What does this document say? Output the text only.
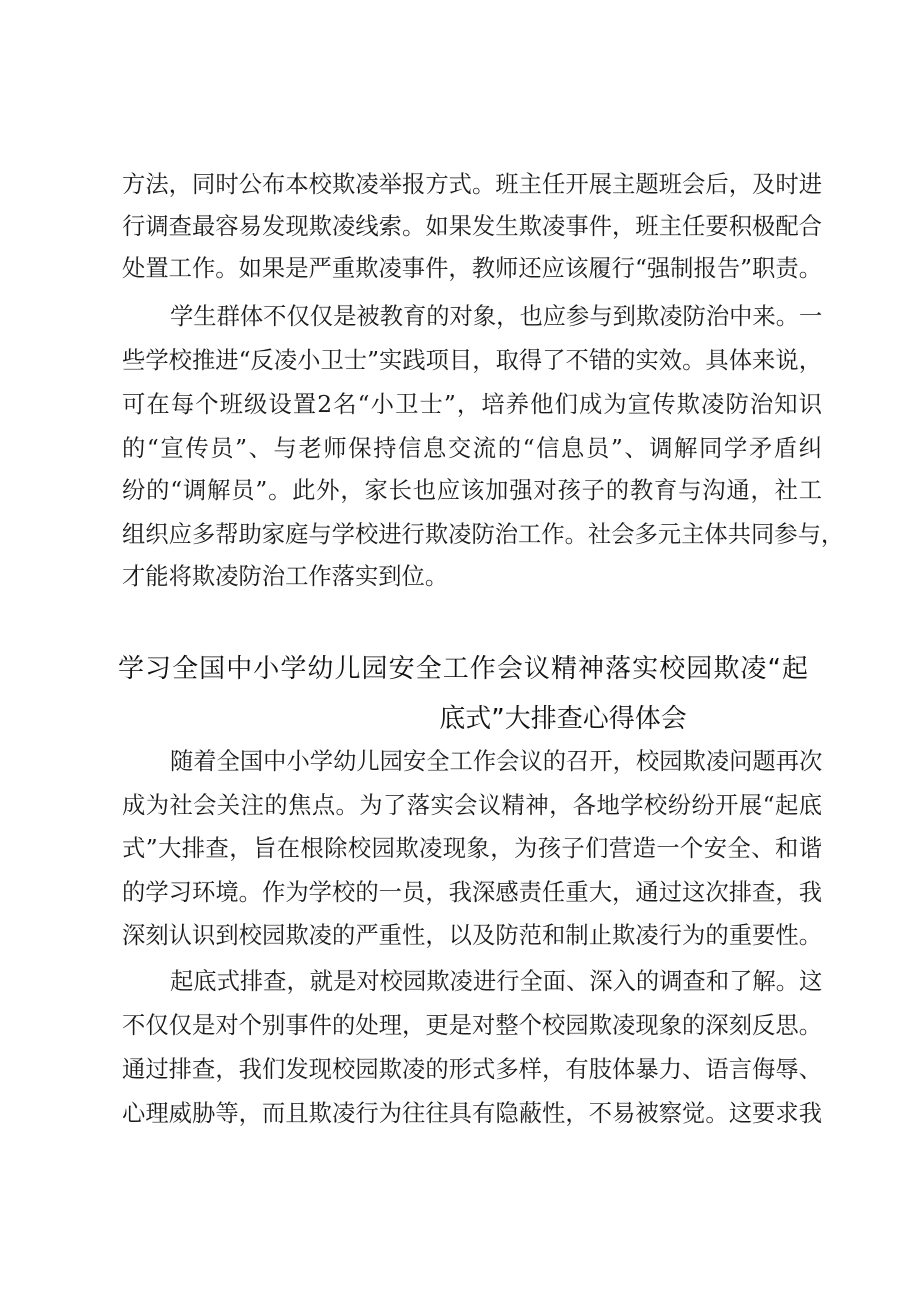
方法，同时公布本校欺凌举报方式。班主任开展主题班会后，及时进
行调查最容易发现欺凌线索。如果发生欺凌事件，班主任要积极配合
处置工作。如果是严重欺凌事件，教师还应该履行“强制报告”职责。
学生群体不仅仅是被教育的对象，也应参与到欺凌防治中来。一
些学校推进“反凌小卫士”实践项目，取得了不错的实效。具体来说，
可在每个班级设置2名“小卫士”，培养他们成为宣传欺凌防治知识
的“宣传员”、与老师保持信息交流的“信息员”、调解同学矛盾纠
纷的“调解员”。此外，家长也应该加强对孩子的教育与沟通，社工
组织应多帮助家庭与学校进行欺凌防治工作。社会多元主体共同参与，
才能将欺凌防治工作落实到位。
学习全国中小学幼儿园安全工作会议精神落实校园欺凌“起
底式”大排查心得体会
随着全国中小学幼儿园安全工作会议的召开，校园欺凌问题再次
成为社会关注的焦点。为了落实会议精神，各地学校纷纷开展“起底
式”大排查，旨在根除校园欺凌现象，为孩子们营造一个安全、和谐
的学习环境。作为学校的一员，我深感责任重大，通过这次排查，我
深刻认识到校园欺凌的严重性，以及防范和制止欺凌行为的重要性。
起底式排查，就是对校园欺凌进行全面、深入的调查和了解。这
不仅仅是对个别事件的处理，更是对整个校园欺凌现象的深刻反思。
通过排查，我们发现校园欺凌的形式多样，有肢体暴力、语言侮辱、
心理威胁等，而且欺凌行为往往具有隐蔽性，不易被察觉。这要求我
